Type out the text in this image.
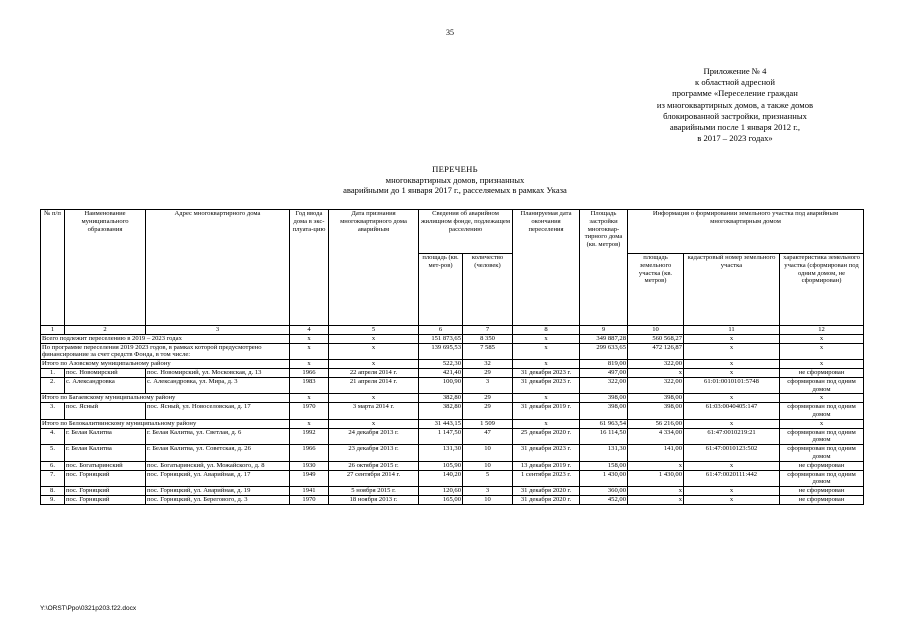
35
Приложение № 4
к областной адресной
программе «Переселение граждан
из многоквартирных домов, а также домов
блокированной застройки, признанных
аварийными после 1 января 2012 г.,
в 2017 – 2023 годах»
ПЕРЕЧЕНЬ
многоквартирных домов, признанных
аварийными до 1 января 2017 г., расселяемых в рамках Указа
№ п/п	Наименование муниципального образования	Адрес многоквартирного дома	Год ввода дома в экс-плуата-цию	Дата признания многоквартирного дома аварийным	Сведения об аварийном жилищном фонде, подлежащем расселению		Планируемая дата окончания переселения	Площадь застройки многоквар-тирного дома (кв. метров)	Информация о формировании земельного участка под аварийным многоквартирным домом		
					площадь (кв. мет-ров)	количество (человек)			площадь земельного участка (кв. метров)	кадастровый номер земельного участка	характеристика земельного участка (сформирован под одним домом, не сформирован)
1	2	3	4	5	6	7	8	9	10	11	12
Всего подлежит переселению в 2019 – 2023 годах			x	x	151 873,65	8 350	x	349 887,28	560 568,27	x	x
По программе переселения 2019 2023 годов, в рамках которой предусмотрено финансирование за счет средств Фонда, в том числе:			x	x	139 695,53	7 585	x	299 633,65	472 126,87	x	x
Итого по Азовскому муниципальному району			x	x	522,30	32	x	819,00	322,00	x	x
1.	пос. Новомирский	пос. Новомирский, ул. Московская, д. 13	1966	22 апреля 2014 г.	421,40	29	31 декабря 2023 г.	497,00	x	x	не сформирован
2.	с. Александровка	с. Александровка, ул. Мира, д. 3	1983	21 апреля 2014 г.	100,90	3	31 декабря 2023 г.	322,00	322,00	61:01:0010101:5748	сформирован под одним домом
Итого по Багаевскому муниципальному району			x	x	382,80	29	x	398,00	398,00	x	x
3.	пос. Ясный	пос. Ясный, ул. Новоселовская, д. 17	1970	3 марта 2014 г.	382,80	29	31 декабря 2019 г.	398,00	398,00	61:03:0040405:147	сформирован под одним домом
Итого по Белокалитвинскому муниципальному району			x	x	31 443,15	1 509	x	61 963,54	56 216,00	x	x
4.	г. Белая Калитва	г. Белая Калитва, ул. Светлая, д. 6	1992	24 декабря 2013 г.	1 147,50	47	25 декабря 2020 г.	16 114,50	4 334,00	61:47:0010219:21	сформирован под одним домом
5.	г. Белая Калитва	г. Белая Калитва, ул. Советская, д. 26	1966	23 декабря 2013 г.	131,30	10	31 декабря 2023 г.	131,30	141,00	61:47:0010123:502	сформирован под одним домом
6.	пос. Богатыринский	пос. Богатыринский, ул. Можайского, д. 8	1930	26 октября 2015 г.	105,90	10	13 декабря 2019 г.	158,00	x	x	не сформирован
7.	пос. Горняцкий	пос. Горняцкий, ул. Аварийная, д. 17	1949	27 сентября 2014 г.	140,20	5	1 сентября 2023 г.	1 430,00	1 430,00	61:47:0020111:442	сформирован под одним домом
8.	пос. Горняцкий	пос. Горняцкий, ул. Аварийная, д. 19	1941	5 ноября 2015 г.	120,60	3	31 декабря 2020 г.	360,00	x	x	не сформирован
9.	пос. Горняцкий	пос. Горняцкий, ул. Берегового, д. 3	1970	18 ноября 2013 г.	165,00	10	31 декабря 2020 г.	452,00	x	x	не сформирован
Y:\ORST\Ppo\0321p203.f22.docx
